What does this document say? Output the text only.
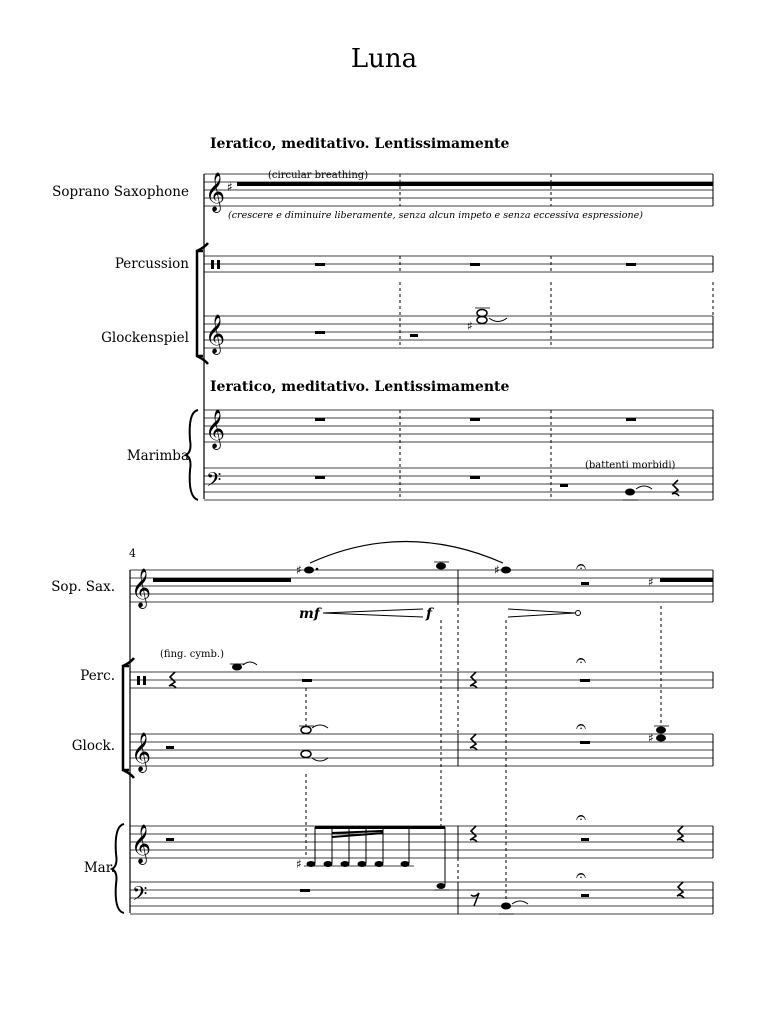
Luna
Ieratico, meditativo. Lentissimamente
Ieratico, meditativo. Lentissimamente
Soprano Saxophone
Percussion
Glockenspiel
Marimba
𝄞 ♯
(circular breathing)
(crescere e diminuire liberamente, senza alcun impeto e senza eccessiva espressione)
𝄞	♯
𝄞
𝄢
(battenti morbidi)
4
Sop. Sax.
Perc.
Glock.
Mar.
𝄞	♯	♯	𝄐
♯
mf	f
(fing. cymb.)	𝄐
𝄞
𝄐
♯
𝄞	♯
𝄐
𝄢
𝄐
